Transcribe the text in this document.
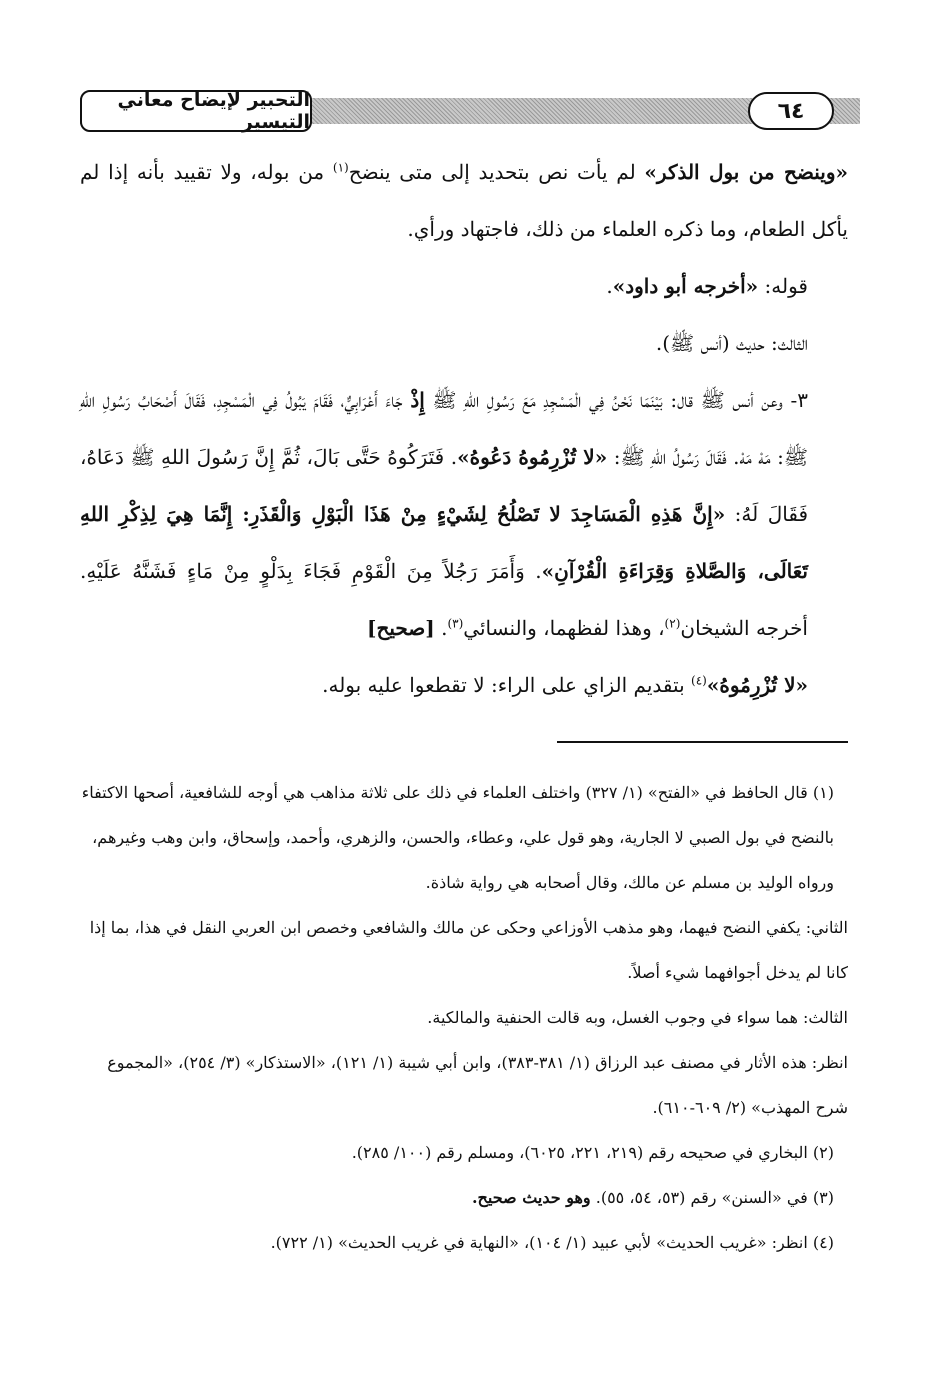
التحبير لإيضاح معاني التيسير	٦٤

«وينضح من بول الذكر» لم يأت نص بتحديد إلى متى ينضح$^{(١)}$ من بوله، ولا تقييد بأنه إذا لم يأكل الطعام، وما ذكره العلماء من ذلك، فاجتهاد ورأي.

قوله: «أخرجه أبو داود».

الثالث: حديث (أنس ﷺ).

٣- وعن أنس ﷺ قال: بَيْنَمَا نَحْنُ فِي الْمَسْجِدِ مَعَ رَسُولِ اللهِ ﷺ إِذْ جَاءَ أَعْرَابِيٌّ، فَقَامَ يَبُولُ فِي الْمَسْجِدِ، فَقَالَ أَصْحَابُ رَسُولِ اللهِ ﷺ: مَهْ مَهْ. فَقَالَ رَسُولُ اللهِ ﷺ: «لا تُزْرِمُوهُ دَعُوهُ». فَتَرَكُوهُ حَتَّى بَالَ، ثُمَّ إِنَّ رَسُولَ اللهِ ﷺ دَعَاهُ، فَقَالَ لَهُ: «إِنَّ هَذِهِ الْمَسَاجِدَ لا تَصْلُحُ لِشَيْءٍ مِنْ هَذَا الْبَوْلِ وَالْقَذَرِ: إِنَّمَا هِيَ لِذِكْرِ اللهِ تَعَالَى، وَالصَّلاةِ وَقِرَاءَةِ الْقُرْآنِ». وَأَمَرَ رَجُلاً مِنَ الْقَوْمِ فَجَاءَ بِدَلْوٍ مِنْ مَاءٍ فَشَنَّهُ عَلَيْهِ. أخرجه الشيخان$^{(٢)}$، وهذا لفظهما، والنسائي$^{(٣)}$. [صحيح]

«لا تُزْرِمُوهُ»$^{(٤)}$ بتقديم الزاي على الراء: لا تقطعوا عليه بوله.

(١) قال الحافظ في «الفتح» (١/ ٣٢٧) واختلف العلماء في ذلك على ثلاثة مذاهب هي أوجه للشافعية، أصحها الاكتفاء بالنضح في بول الصبي لا الجارية، وهو قول علي، وعطاء، والحسن، والزهري، وأحمد، وإسحاق، وابن وهب وغيرهم، ورواه الوليد بن مسلم عن مالك، وقال أصحابه هي رواية شاذة.

الثاني: يكفي النضح فيهما، وهو مذهب الأوزاعي وحكى عن مالك والشافعي وخصص ابن العربي النقل في هذا، بما إذا كانا لم يدخل أجوافهما شيء أصلاً.

الثالث: هما سواء في وجوب الغسل، وبه قالت الحنفية والمالكية.

انظر: هذه الأثار في مصنف عبد الرزاق (١/ ٣٨١-٣٨٣)، وابن أبي شيبة (١/ ١٢١)، «الاستذكار» (٣/ ٢٥٤)، «المجموع شرح المهذب» (٢/ ٦٠٩-٦١٠).

(٢) البخاري في صحيحه رقم (٢١٩، ٢٢١، ٦٠٢٥)، ومسلم رقم (١٠٠/ ٢٨٥).

(٣) في «السنن» رقم (٥٣، ٥٤، ٥٥). وهو حديث صحيح.

(٤) انظر: «غريب الحديث» لأبي عبيد (١/ ١٠٤)، «النهاية في غريب الحديث» (١/ ٧٢٢).
